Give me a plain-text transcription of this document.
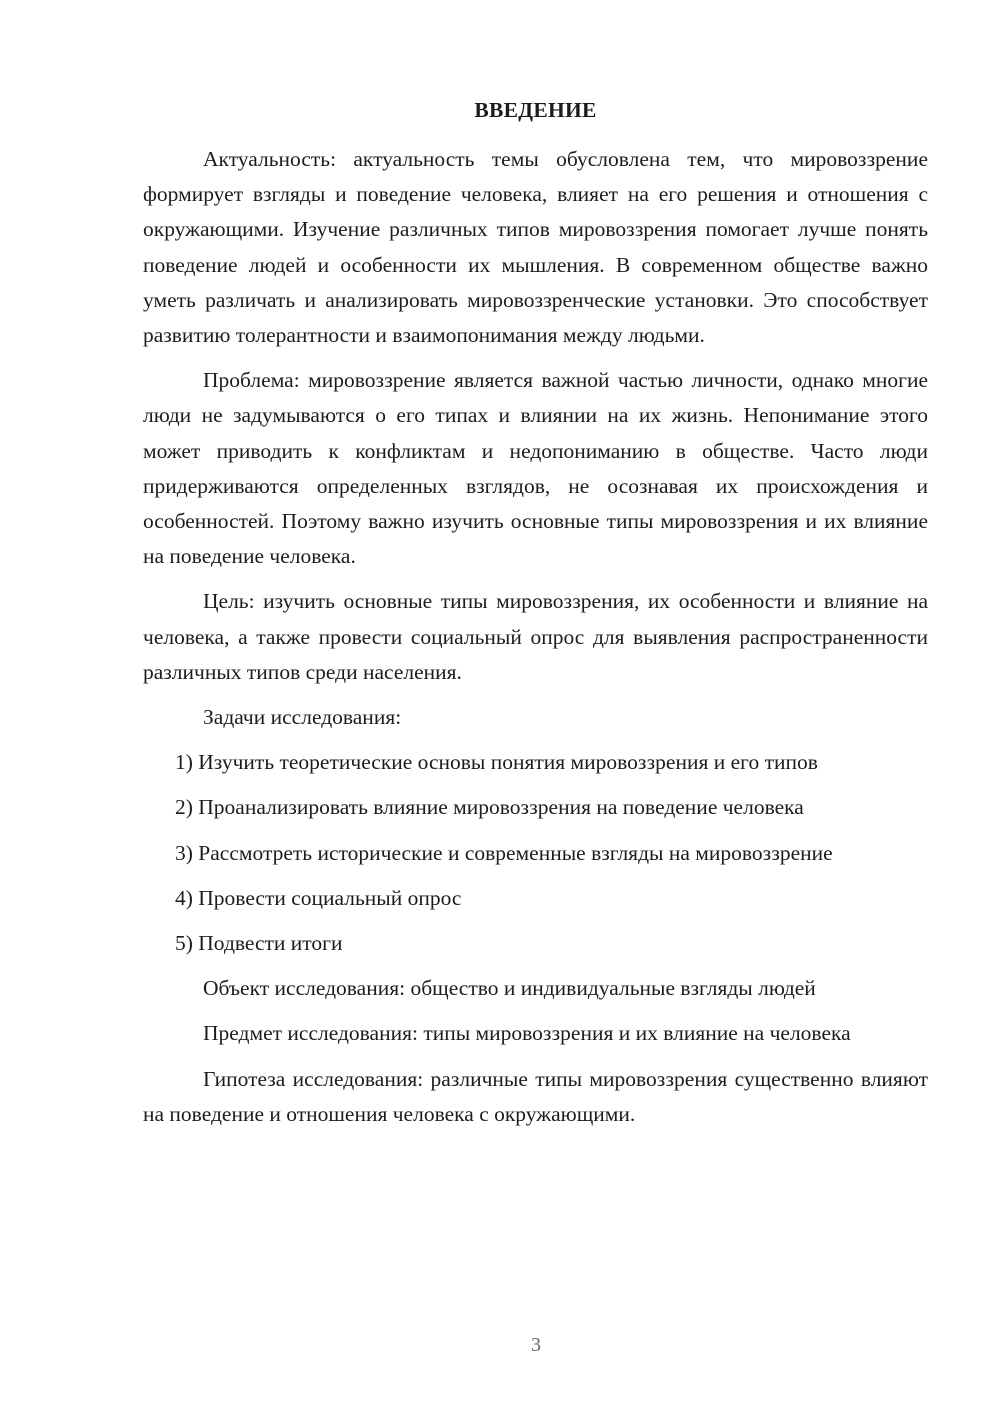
ВВЕДЕНИЕ

Актуальность: актуальность темы обусловлена тем, что мировоззрение формирует взгляды и поведение человека, влияет на его решения и отношения с окружающими. Изучение различных типов мировоззрения помогает лучше понять поведение людей и особенности их мышления. В современном обществе важно уметь различать и анализировать мировоззренческие установки. Это способствует развитию толерантности и взаимопонимания между людьми.

Проблема: мировоззрение является важной частью личности, однако многие люди не задумываются о его типах и влиянии на их жизнь. Непонимание этого может приводить к конфликтам и недопониманию в обществе. Часто люди придерживаются определенных взглядов, не осознавая их происхождения и особенностей. Поэтому важно изучить основные типы мировоззрения и их влияние на поведение человека.

Цель: изучить основные типы мировоззрения, их особенности и влияние на человека, а также провести социальный опрос для выявления распространенности различных типов среди населения.

Задачи исследования:

1) Изучить теоретические основы понятия мировоззрения и его типов

2) Проанализировать влияние мировоззрения на поведение человека

3) Рассмотреть исторические и современные взгляды на мировоззрение

4) Провести социальный опрос

5) Подвести итоги

Объект исследования: общество и индивидуальные взгляды людей

Предмет исследования: типы мировоззрения и их влияние на человека

Гипотеза исследования: различные типы мировоззрения существенно влияют на поведение и отношения человека с окружающими.

3
